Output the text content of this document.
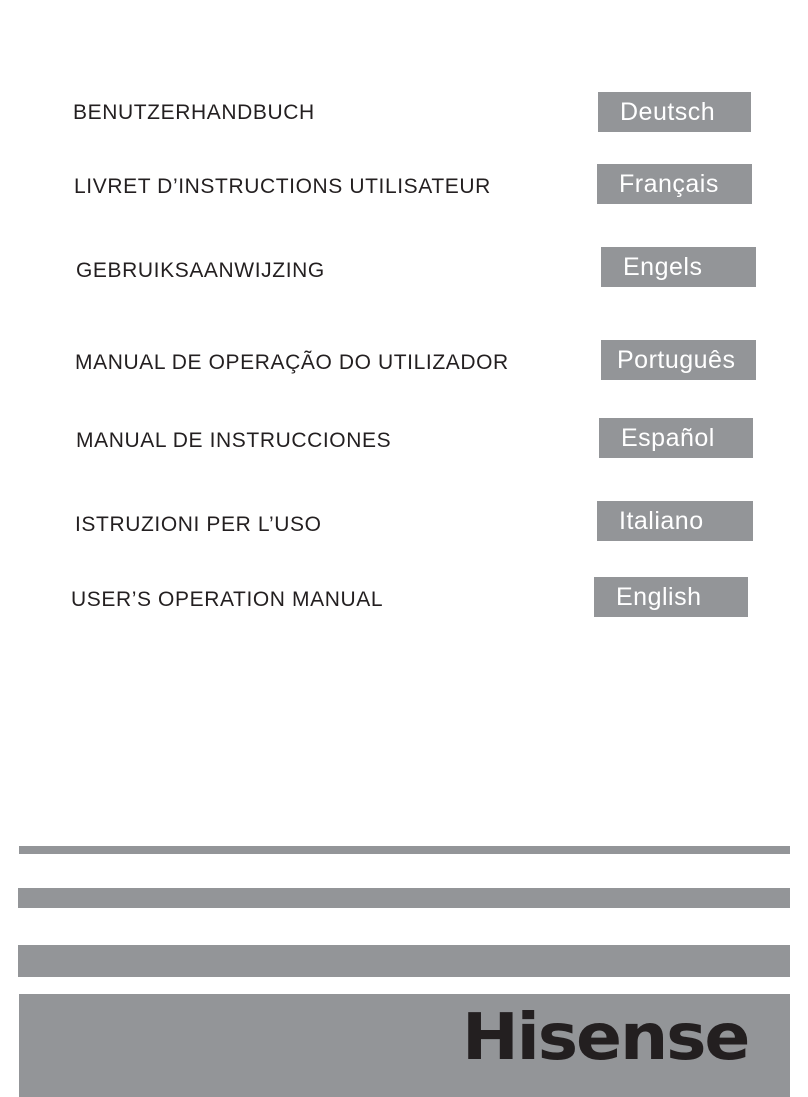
BENUTZERHANDBUCH	Deutsch
LIVRET D’INSTRUCTIONS UTILISATEUR	Français
GEBRUIKSAANWIJZING	Engels
MANUAL DE OPERAÇÃO DO UTILIZADOR	Português
MANUAL DE INSTRUCCIONES	Español
ISTRUZIONI PER L’USO	Italiano
USER’S OPERATION MANUAL	English
Hisense
